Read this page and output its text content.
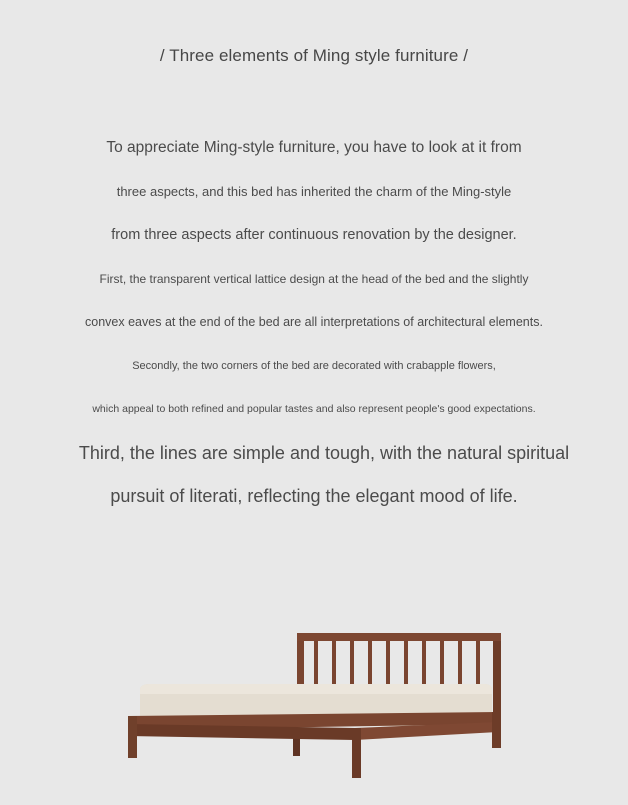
/ Three elements of Ming style furniture /
To appreciate Ming-style furniture, you have to look at it from
three aspects, and this bed has inherited the charm of the Ming-style
from three aspects after continuous renovation by the designer.
First, the transparent vertical lattice design at the head of the bed and the slightly
convex eaves at the end of the bed are all interpretations of architectural elements.
Secondly, the two corners of the bed are decorated with crabapple flowers,
which appeal to both refined and popular tastes and also represent people's good expectations.
Third, the lines are simple and tough, with the natural spiritual
pursuit of literati, reflecting the elegant mood of life.
